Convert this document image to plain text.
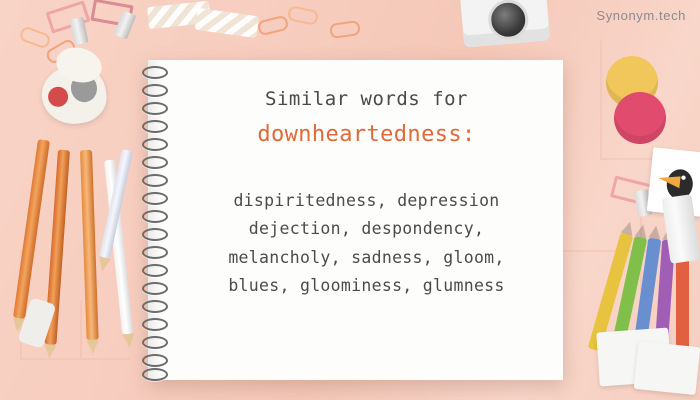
Synonym.tech
Similar words for
downheartedness:
dispiritedness, depression
dejection, despondency,
melancholy, sadness, gloom,
blues, gloominess, glumness
